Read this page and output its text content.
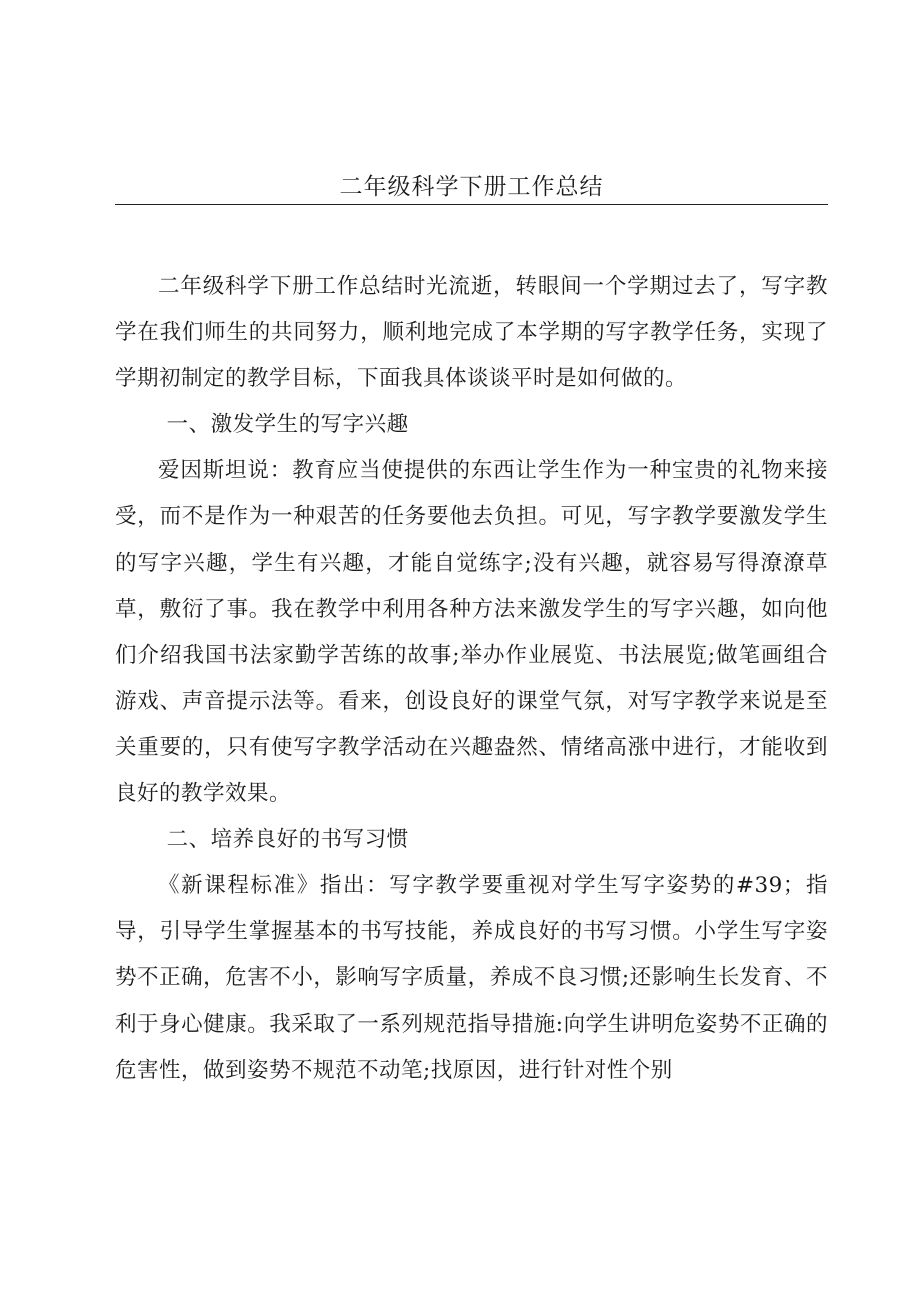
二年级科学下册工作总结

二年级科学下册工作总结时光流逝，转眼间一个学期过去了，写字教学在我们师生的共同努力，顺利地完成了本学期的写字教学任务，实现了学期初制定的教学目标，下面我具体谈谈平时是如何做的。

一、激发学生的写字兴趣

爱因斯坦说：教育应当使提供的东西让学生作为一种宝贵的礼物来接受，而不是作为一种艰苦的任务要他去负担。可见，写字教学要激发学生的写字兴趣，学生有兴趣，才能自觉练字;没有兴趣，就容易写得潦潦草草，敷衍了事。我在教学中利用各种方法来激发学生的写字兴趣，如向他们介绍我国书法家勤学苦练的故事;举办作业展览、书法展览;做笔画组合游戏、声音提示法等。看来，创设良好的课堂气氛，对写字教学来说是至关重要的，只有使写字教学活动在兴趣盎然、情绪高涨中进行，才能收到良好的教学效果。

二、培养良好的书写习惯

《新课程标准》指出：写字教学要重视对学生写字姿势的#39；指导，引导学生掌握基本的书写技能，养成良好的书写习惯。小学生写字姿势不正确，危害不小，影响写字质量，养成不良习惯;还影响生长发育、不利于身心健康。我采取了一系列规范指导措施:向学生讲明危姿势不正确的危害性，做到姿势不规范不动笔;找原因，进行针对性个别
